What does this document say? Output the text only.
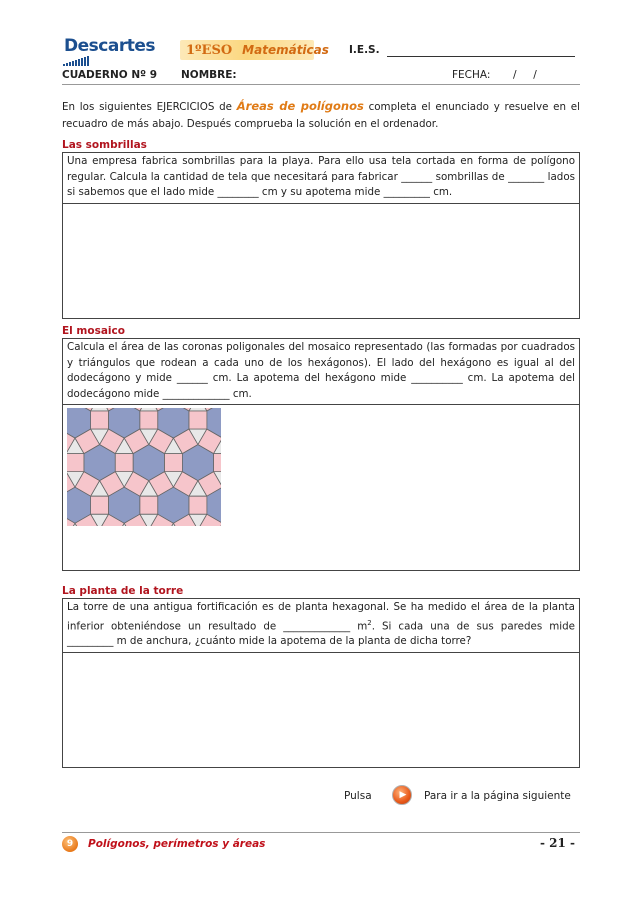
Descartes 1ºESO Matemáticas I.E.S.
CUADERNO Nº 9 NOMBRE:	FECHA: /     /
En los siguientes EJERCICIOS de Áreas de polígonos completa el enunciado y resuelve en el recuadro de más abajo. Después comprueba la solución en el ordenador.
Las sombrillas
Una empresa fabrica sombrillas para la playa. Para ello usa tela cortada en forma de polígono regular. Calcula la cantidad de tela que necesitará para fabricar ______ sombrillas de _______ lados si sabemos que el lado mide ________ cm y su apotema mide _________ cm.
El mosaico
Calcula el área de las coronas poligonales del mosaico representado (las formadas por cuadrados y triángulos que rodean a cada uno de los hexágonos). El lado del hexágono es igual al del dodecágono y mide ______ cm. La apotema del hexágono mide __________ cm. La apotema del dodecágono mide _____________ cm.
La planta de la torre
La torre de una antigua fortificación es de planta hexagonal. Se ha medido el área de la planta inferior obteniéndose un resultado de _____________ $m^2$. Si cada una de sus paredes mide _________ m de anchura, ¿cuánto mide la apotema de la planta de dicha torre?
Pulsa	▶ Para ir a la página siguiente
9	Polígonos, perímetros y áreas	- 21 -
